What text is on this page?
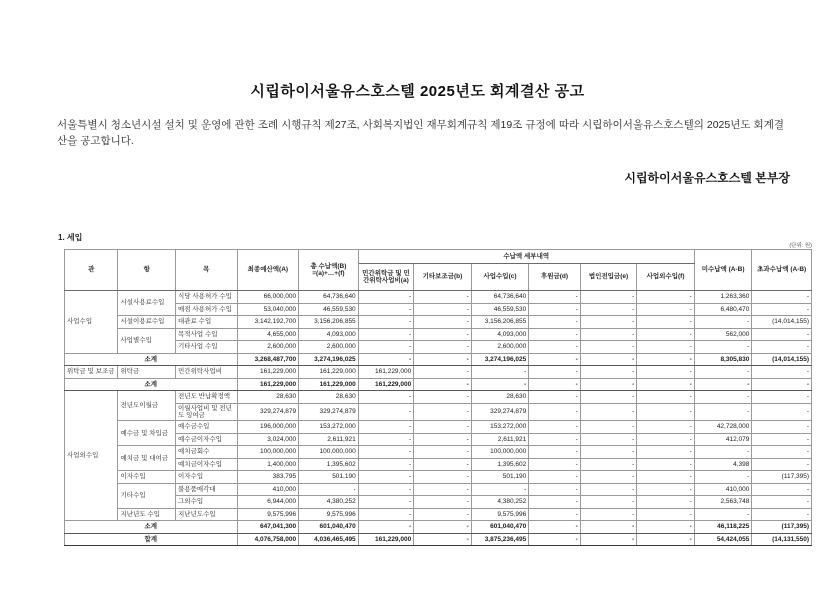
시립하이서울유스호스텔 2025년도 회계결산 공고
서울특별시 청소년시설 설치 및 운영에 관한 조례 시행규칙 제27조, 사회복지법인 재무회계규칙 제19조 규정에 따라 시립하이서울유스호스텔의 2025년도 회계결산을 공고합니다.
시립하이서울유스호스텔 본부장
1. 세입
(단위: 원)
관	항	목	최종예산액(A)	총 수납액(B)
=(a)+…+(f)	수납액 세부내역						미수납액 (A-B)	초과수납액 (A-B)
					민간위탁금 및 민간위탁사업비(a)	기타보조금(b)	사업수입(c)	후원금(d)	법인전입금(e)	사업외수입(f)		
사업수입	시설사용료수입	식당 사용허가 수입	66,000,000	64,736,640	-	-	64,736,640	-	-	-	1,263,360	-
		매점 사용허가 수입	53,040,000	46,559,530	-	-	46,559,530	-	-	-	6,480,470	-
	시설이용료수입	대관료 수입	3,142,192,700	3,156,206,855	-	-	3,156,206,855	-	-	-	-	(14,014,155)
	사업별수입	목적사업 수입	4,655,000	4,093,000	-	-	4,093,000	-	-	-	562,000	-
		기타사업 수입	2,600,000	2,600,000	-	-	2,600,000	-	-	-	-	-
소계			3,268,487,700	3,274,196,025	-	-	3,274,196,025	-	-	-	8,305,830	(14,014,155)
위탁금 및 보조금	위탁금	민간위탁사업비	161,229,000	161,229,000	161,229,000	-	-	-	-	-	-	-
소계			161,229,000	161,229,000	161,229,000	-	-	-	-	-	-	-
사업외수입	전년도이월금	전년도 반납확정액	28,630	28,630	-	-	28,630	-	-	-	-	-
		이월사업비 및 전년도 잉여금	329,274,879	329,274,879	-	-	329,274,879	-	-	-	-	-
	예수금 및 차입금	예수금수입	196,000,000	153,272,000	-	-	153,272,000	-	-	-	42,728,000	-
		예수금이자수입	3,024,000	2,611,921	-	-	2,611,921	-	-	-	412,079	-
	예치금 및 대여금	예치금회수	100,000,000	100,000,000	-	-	100,000,000	-	-	-	-	-
		예치금이자수입	1,400,000	1,395,602	-	-	1,395,602	-	-	-	4,398	-
	이자수입	이자수입	383,795	501,190	-	-	501,190	-	-	-	-	(117,395)
	기타수입	불용품매각대	410,000	-	-	-	-	-	-	-	410,000	-
		그외수입	6,944,000	4,380,252	-	-	4,380,252	-	-	-	2,563,748	-
	지난년도 수입	지난년도수입	9,575,996	9,575,996	-	-	9,575,996	-	-	-	-	-
소계			647,041,300	601,040,470	-	-	601,040,470	-	-	-	46,118,225	(117,395)
합계			4,076,758,000	4,036,465,495	161,229,000	-	3,875,236,495	-	-	-	54,424,055	(14,131,550)
